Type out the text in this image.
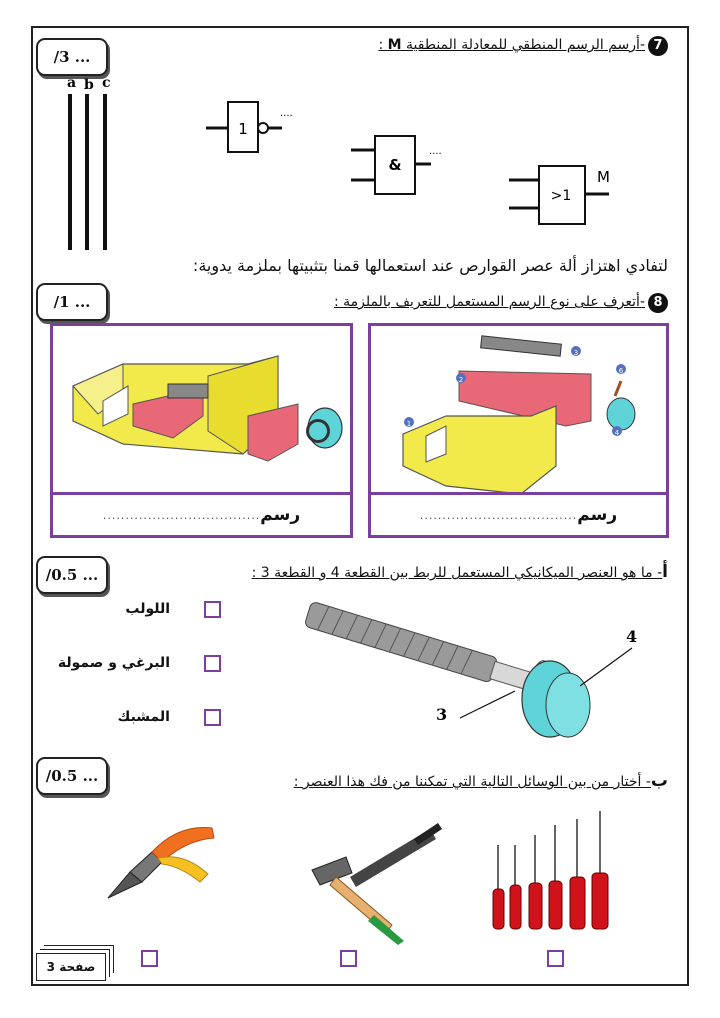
/3 ...
7-أرسم الرسم المنطقي للمعادلة المنطقية M :
a b c
1
....
&
....
>1
M
لتفادي اهتزاز ألة عصر القوارص عند استعمالها قمنا بتثبيتها بملزمة يدوية:
/1 ...	8-أتعرف على نوع الرسم المستعمل للتعريف بالملزمة :
رسم
...................................
3
2
6
4
1
رسم
...................................
/0.5 ...	أ- ما هو العنصر الميكانيكي المستعمل للربط بين القطعة 4 و القطعة 3 :
اللولب
البرغي و صمولة
المشبك
4
3
/0.5 ...	ب- أختار من بين الوسائل التالية التي تمكننا من فك هذا العنصر :
صفحة 3
